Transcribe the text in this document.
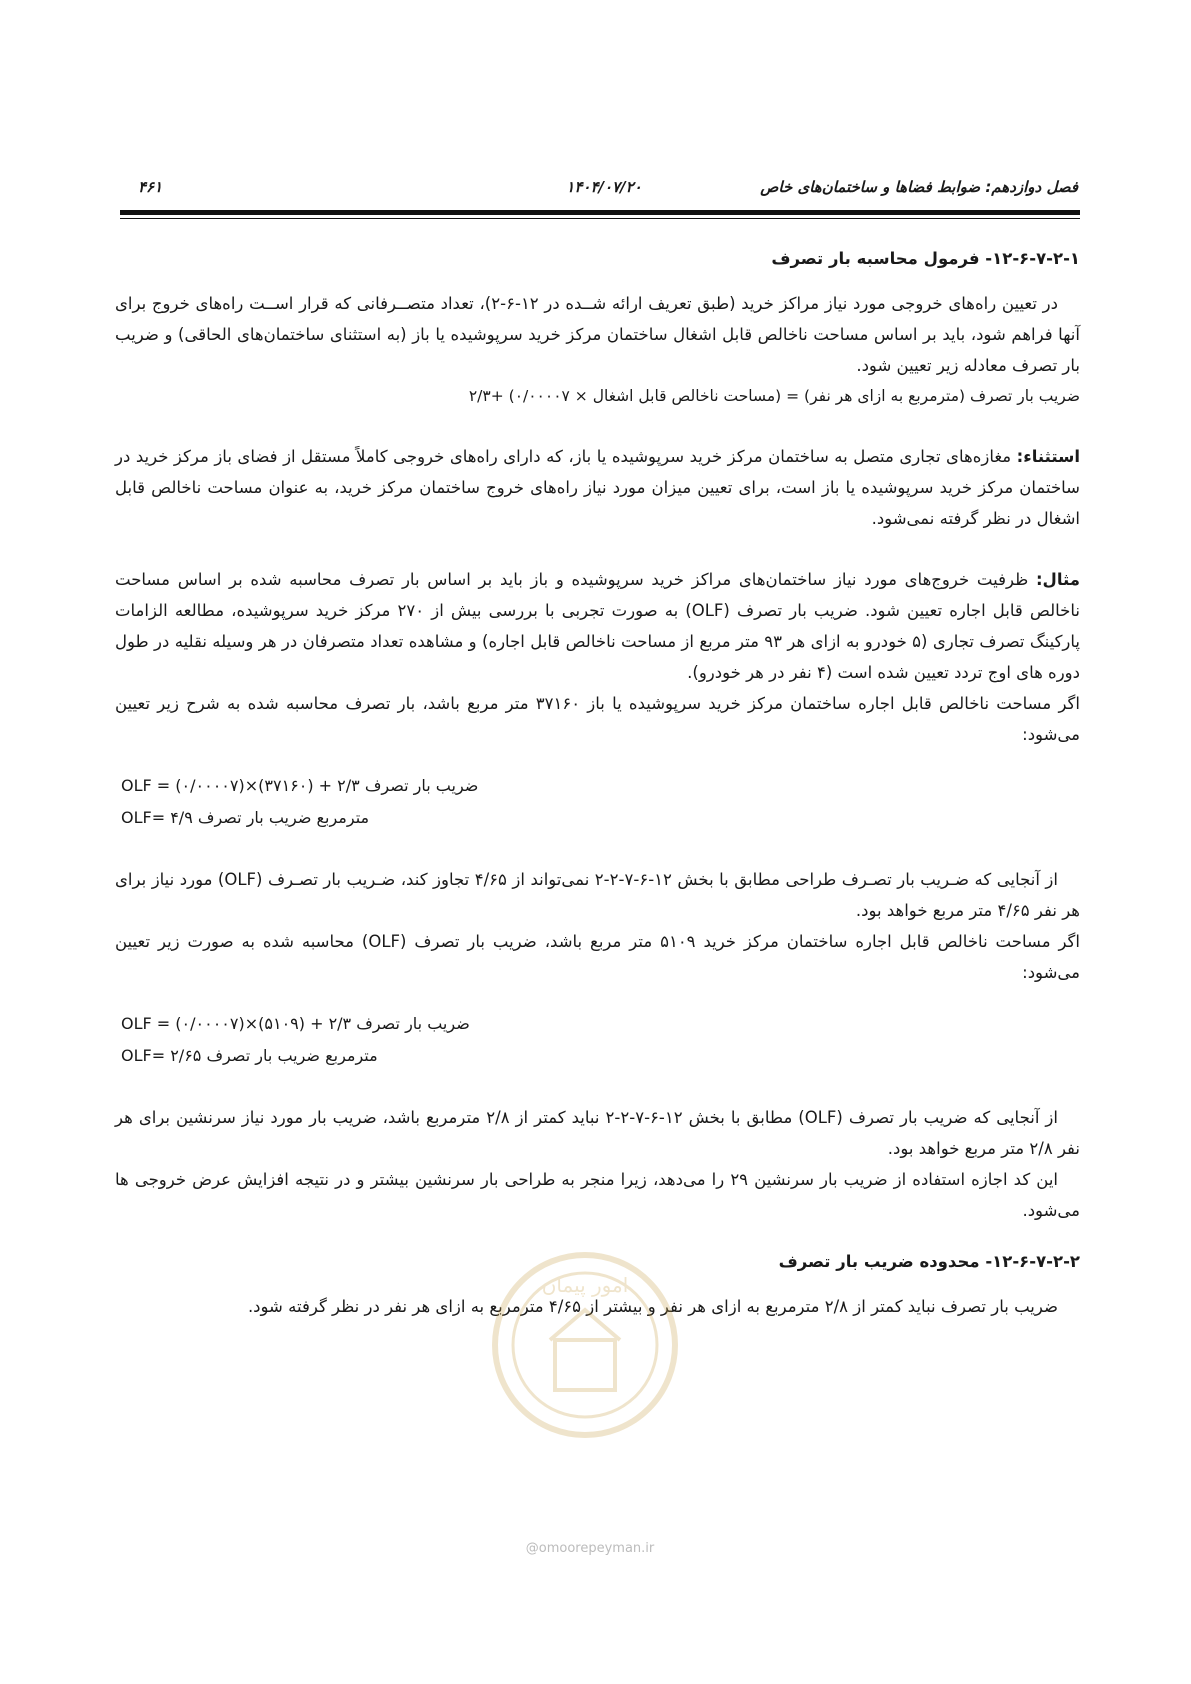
فصل دوازدهم: ضوابط فضاها و ساختمان‌های خاص
۱۴۰۴/۰۷/۲۰
۴۶۱

۱۲-۶-۷-۲-۱- فرمول محاسبه بار تصرف

در تعیین راه‌های خروجی مورد نیاز مراکز خرید (طبق تعریف ارائه شــده در ۱۲-۶-۲)، تعداد متصــرفانی که قرار اســت راه‌های خروج برای آنها فراهم شود، باید بر اساس مساحت ناخالص قابل اشغال ساختمان مرکز خرید سرپوشیده یا باز (به استثنای ساختمان‌های الحاقی) و ضریب بار تصرف معادله زیر تعیین شود.

ضریب بار تصرف (مترمربع به ازای هر نفر) = (مساحت ناخالص قابل اشغال × ۰/۰۰۰۰۷) +۲/۳

استثناء: مغازه‌های تجاری متصل به ساختمان مرکز خرید سرپوشیده یا باز، که دارای راه‌های خروجی کاملاً مستقل از فضای باز مرکز خرید در ساختمان مرکز خرید سرپوشیده یا باز است، برای تعیین میزان مورد نیاز راه‌های خروج ساختمان مرکز خرید، به عنوان مساحت ناخالص قابل اشغال در نظر گرفته نمی‌شود.

مثال: ظرفیت خروج‌های مورد نیاز ساختمان‌های مراکز خرید سرپوشیده و باز باید بر اساس بار تصرف محاسبه شده بر اساس مساحت ناخالص قابل اجاره تعیین شود. ضریب بار تصرف (OLF) به صورت تجربی با بررسی بیش از ۲۷۰ مرکز خرید سرپوشیده، مطالعه الزامات پارکینگ تصرف تجاری (۵ خودرو به ازای هر ۹۳ متر مربع از مساحت ناخالص قابل اجاره) و مشاهده تعداد متصرفان در هر وسیله نقلیه در طول دوره های اوج تردد تعیین شده است (۴ نفر در هر خودرو).

اگر مساحت ناخالص قابل اجاره ساختمان مرکز خرید سرپوشیده یا باز ۳۷۱۶۰ متر مربع باشد، بار تصرف محاسبه شده به شرح زیر تعیین می‌شود:

OLF = (۰/۰۰۰۰۷)×(۳۷۱۶۰) + ۲/۳ ضریب بار تصرف
OLF= ۴/۹ مترمربع ضریب بار تصرف

از آنجایی که ضـریب بار تصـرف طراحی مطابق با بخش ۱۲-۶-۷-۲-۲ نمی‌تواند از ۴/۶۵ تجاوز کند، ضـریب بار تصـرف (OLF) مورد نیاز برای هر نفر ۴/۶۵ متر مربع خواهد بود.

اگر مساحت ناخالص قابل اجاره ساختمان مرکز خرید ۵۱۰۹ متر مربع باشد، ضریب بار تصرف (OLF) محاسبه شده به صورت زیر تعیین می‌شود:

OLF = (۰/۰۰۰۰۷)×(۵۱۰۹) + ۲/۳ ضریب بار تصرف
OLF= ۲/۶۵ مترمربع ضریب بار تصرف

از آنجایی که ضریب بار تصرف (OLF) مطابق با بخش ۱۲-۶-۷-۲-۲ نباید کمتر از ۲/۸ مترمربع باشد، ضریب بار مورد نیاز سرنشین برای هر نفر ۲/۸ متر مربع خواهد بود.

این کد اجازه استفاده از ضریب بار سرنشین ۲۹ را می‌دهد، زیرا منجر به طراحی بار سرنشین بیشتر و در نتیجه افزایش عرض خروجی ها می‌شود.

۱۲-۶-۷-۲-۲- محدوده ضریب بار تصرف

ضریب بار تصرف نباید کمتر از ۲/۸ مترمربع به ازای هر نفر و بیشتر از ۴/۶۵ مترمربع به ازای هر نفر در نظر گرفته شود.

امور پیمان
@omoorepeyman.ir
